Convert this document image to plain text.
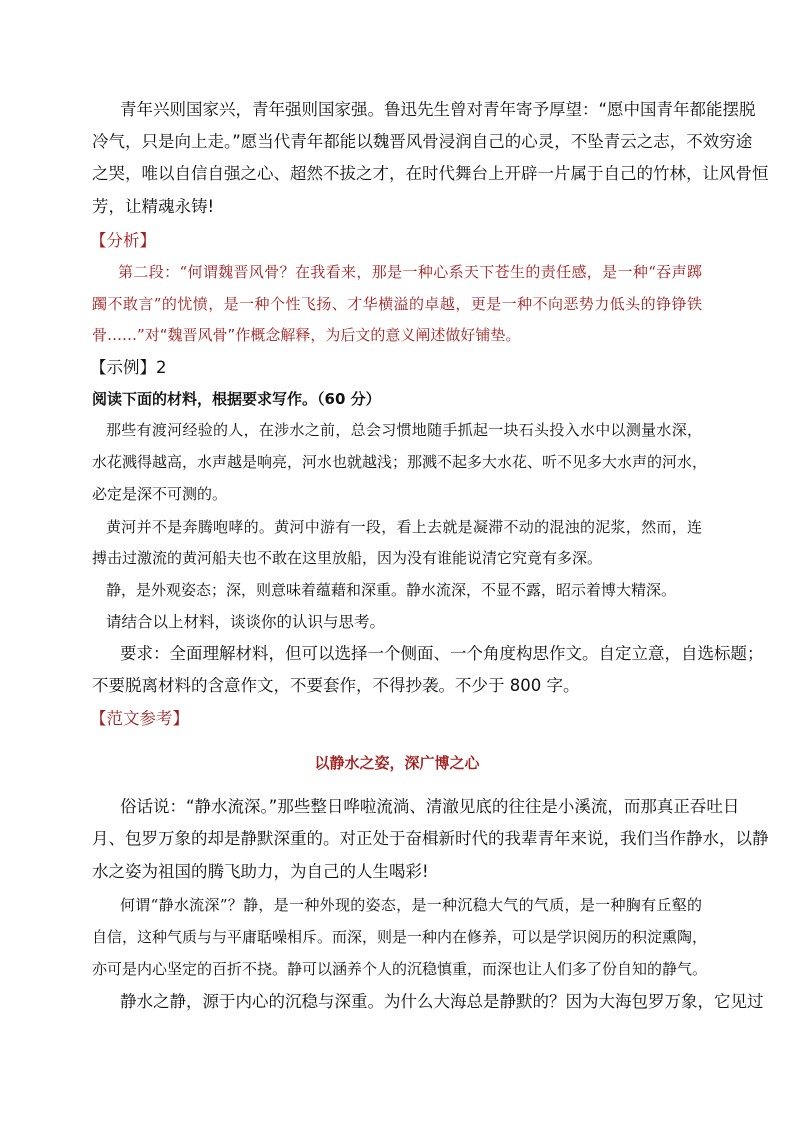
青年兴则国家兴，青年强则国家强。鲁迅先生曾对青年寄予厚望：“愿中国青年都能摆脱
冷气，只是向上走。”愿当代青年都能以魏晋风骨浸润自己的心灵，不坠青云之志，不效穷途
之哭，唯以自信自强之心、超然不拔之才，在时代舞台上开辟一片属于自己的竹林，让风骨恒
芳，让精魂永铸!
【分析】
第二段：“何谓魏晋风骨？在我看来，那是一种心系天下苍生的责任感，是一种“吞声踯
躅不敢言”的忧愤，是一种个性飞扬、才华横溢的卓越，更是一种不向恶势力低头的铮铮铁
骨……”对“魏晋风骨”作概念解释，为后文的意义阐述做好铺垫。
【示例】2
阅读下面的材料，根据要求写作。（60 分）
那些有渡河经验的人，在涉水之前，总会习惯地随手抓起一块石头投入水中以测量水深，
水花溅得越高，水声越是响亮，河水也就越浅；那溅不起多大水花、听不见多大水声的河水，
必定是深不可测的。
黄河并不是奔腾咆哮的。黄河中游有一段，看上去就是凝滞不动的混浊的泥浆，然而，连
搏击过激流的黄河船夫也不敢在这里放船，因为没有谁能说清它究竟有多深。
静，是外观姿态；深，则意味着蕴藉和深重。静水流深，不显不露，昭示着博大精深。
请结合以上材料，谈谈你的认识与思考。
要求：全面理解材料，但可以选择一个侧面、一个角度构思作文。自定立意，自选标题；
不要脱离材料的含意作文，不要套作，不得抄袭。不少于 800 字。
【范文参考】
以静水之姿，深广博之心
俗话说：“静水流深。”那些整日哗啦流淌、清澈见底的往往是小溪流，而那真正吞吐日
月、包罗万象的却是静默深重的。对正处于奋楫新时代的我辈青年来说，我们当作静水，以静
水之姿为祖国的腾飞助力，为自己的人生喝彩!
何谓“静水流深”？静，是一种外现的姿态，是一种沉稳大气的气质，是一种胸有丘壑的
自信，这种气质与与平庸聒噪相斥。而深，则是一种内在修养，可以是学识阅历的积淀熏陶，
亦可是内心坚定的百折不挠。静可以涵养个人的沉稳慎重，而深也让人们多了份自知的静气。
静水之静，源于内心的沉稳与深重。为什么大海总是静默的？因为大海包罗万象，它见过
